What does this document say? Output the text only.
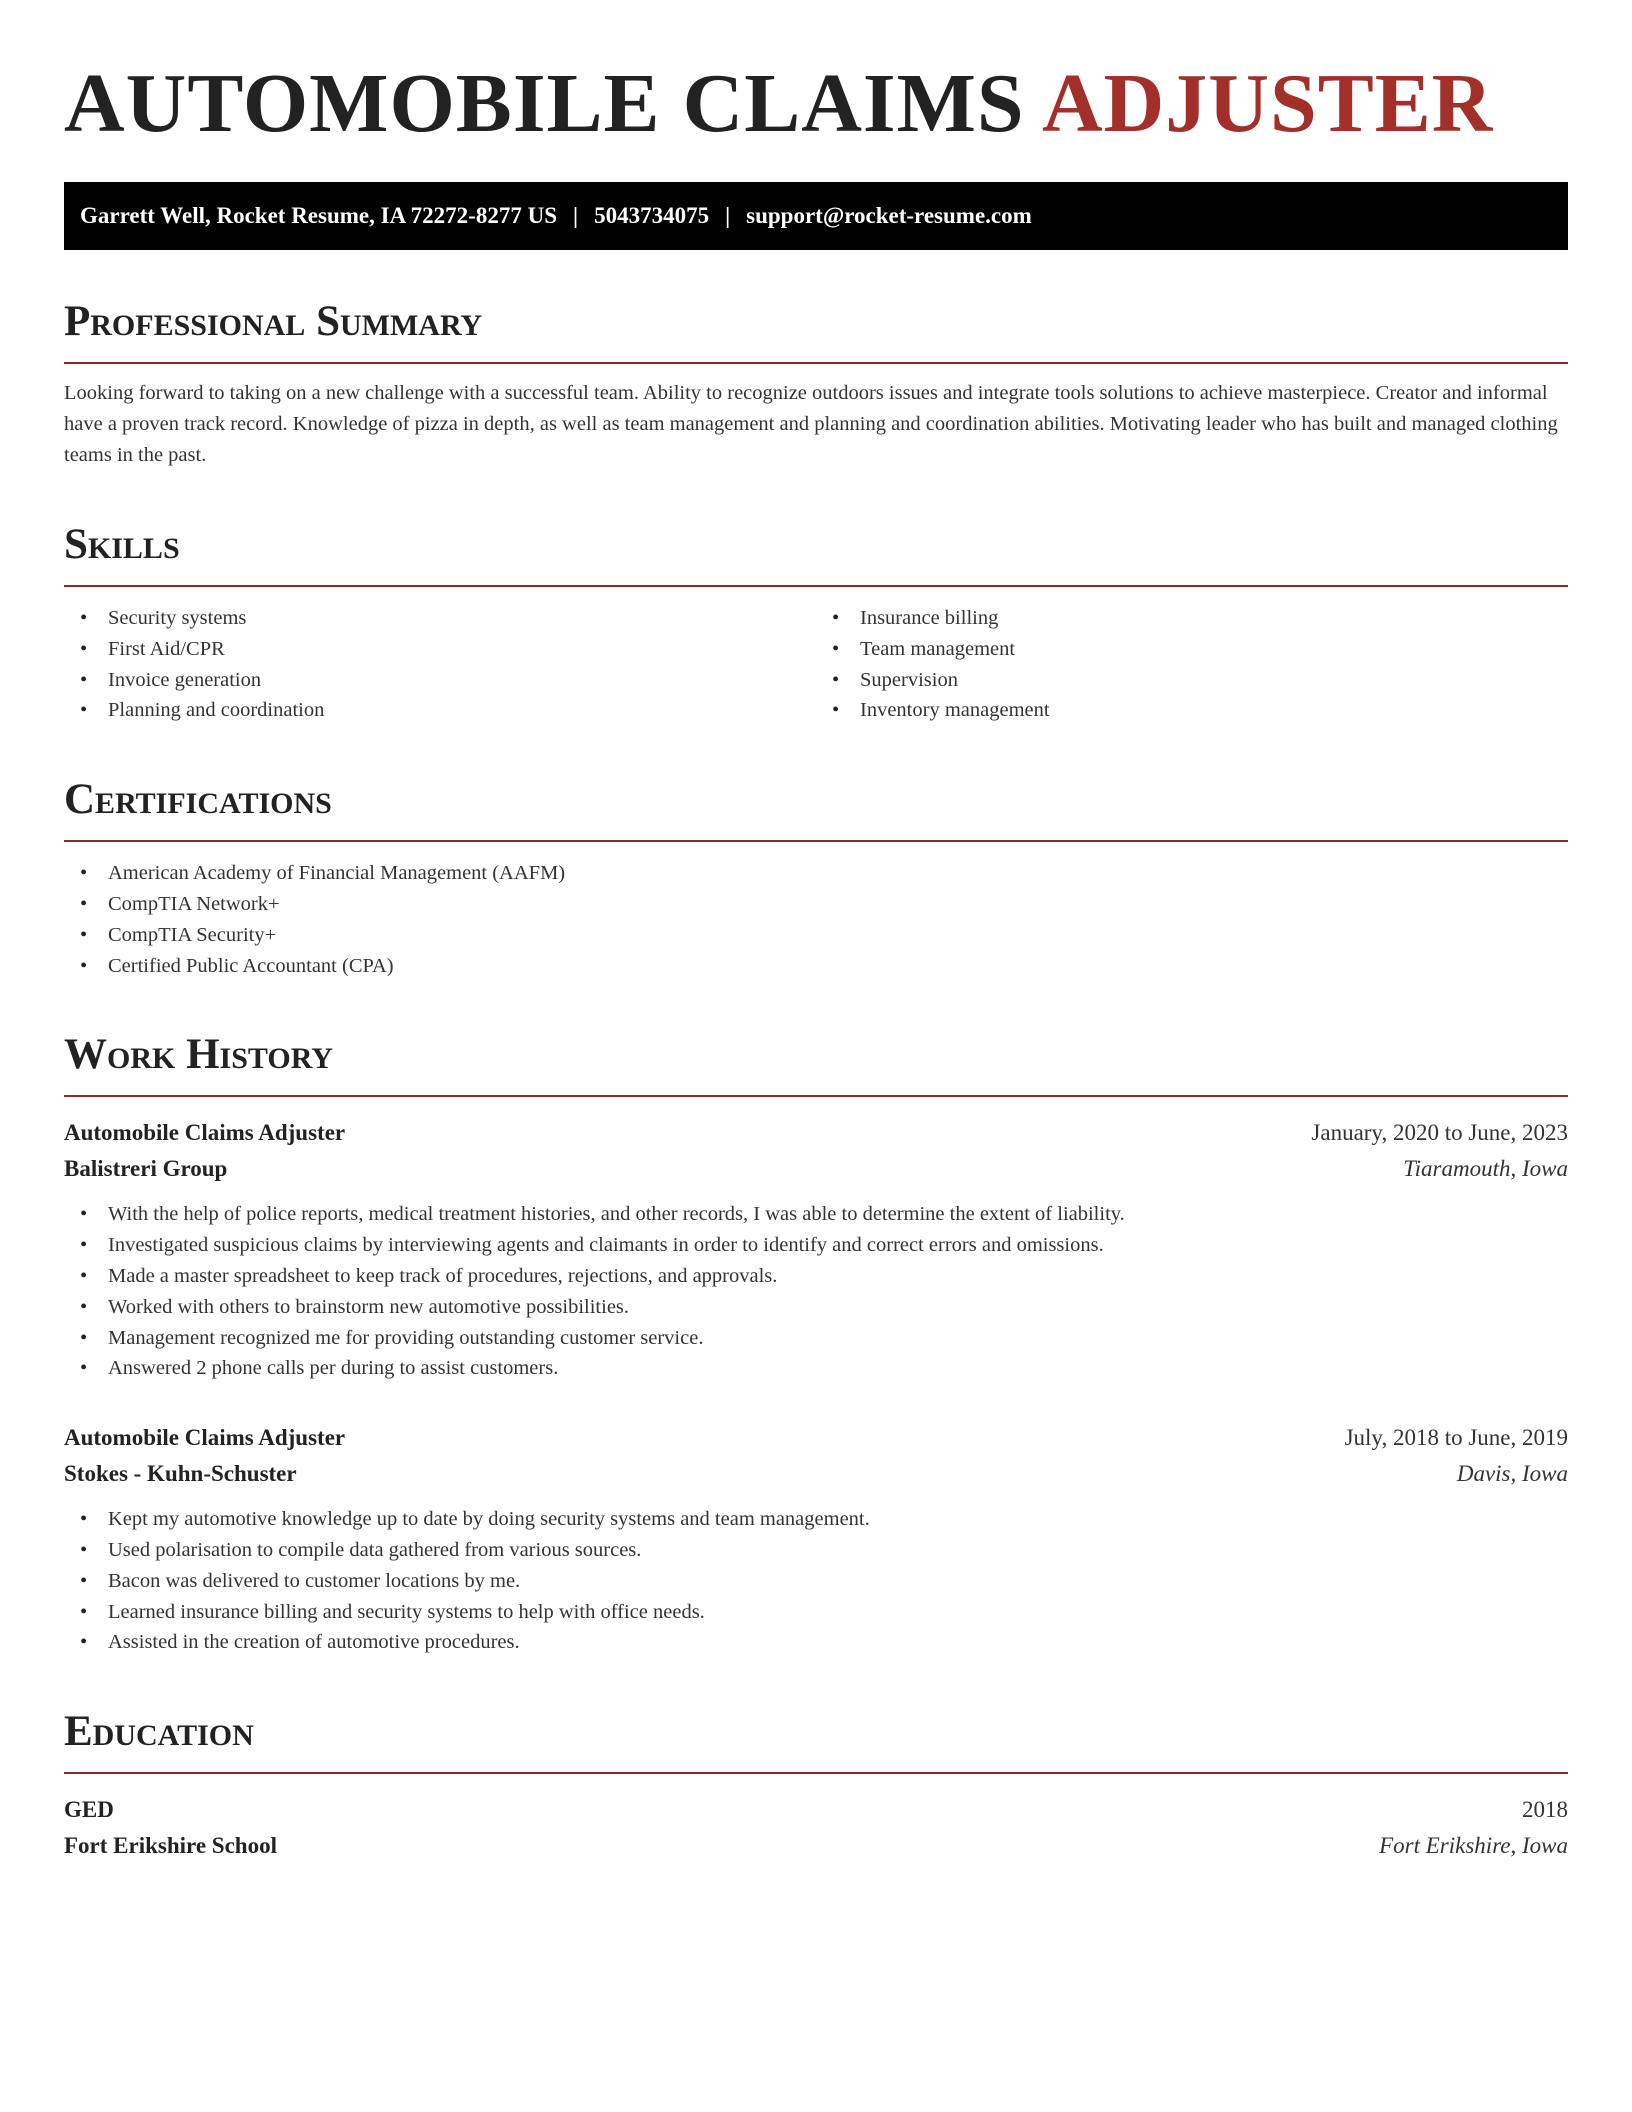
AUTOMOBILE CLAIMS ADJUSTER
Garrett Well, Rocket Resume, IA 72272-8277 US | 5043734075 | support@rocket-resume.com
Professional Summary

Looking forward to taking on a new challenge with a successful team. Ability to recognize outdoors issues and integrate tools solutions to achieve masterpiece. Creator and informal have a proven track record. Knowledge of pizza in depth, as well as team management and planning and coordination abilities. Motivating leader who has built and managed clothing teams in the past.

Skills
• Security systems
• First Aid/CPR
• Invoice generation
• Planning and coordination
• Insurance billing
• Team management
• Supervision
• Inventory management
Certifications
• American Academy of Financial Management (AAFM)
• CompTIA Network+
• CompTIA Security+
• Certified Public Accountant (CPA)
Work History
Automobile Claims Adjuster	January, 2020 to June, 2023
Balistreri Group	Tiaramouth, Iowa
• With the help of police reports, medical treatment histories, and other records, I was able to determine the extent of liability.
• Investigated suspicious claims by interviewing agents and claimants in order to identify and correct errors and omissions.
• Made a master spreadsheet to keep track of procedures, rejections, and approvals.
• Worked with others to brainstorm new automotive possibilities.
• Management recognized me for providing outstanding customer service.
• Answered 2 phone calls per during to assist customers.
Automobile Claims Adjuster	July, 2018 to June, 2019
Stokes - Kuhn-Schuster	Davis, Iowa
• Kept my automotive knowledge up to date by doing security systems and team management.
• Used polarisation to compile data gathered from various sources.
• Bacon was delivered to customer locations by me.
• Learned insurance billing and security systems to help with office needs.
• Assisted in the creation of automotive procedures.
Education
GED	2018
Fort Erikshire School	Fort Erikshire, Iowa
